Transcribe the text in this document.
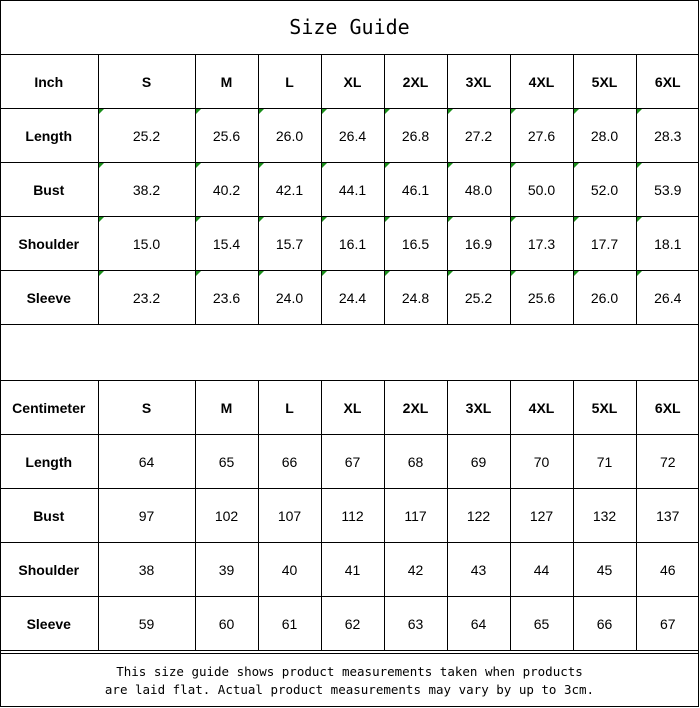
Size Guide
Inch	S	M	L	XL	2XL	3XL	4XL	5XL	6XL
Length	25.2	25.6	26.0	26.4	26.8	27.2	27.6	28.0	28.3

Bust	38.2	40.2	42.1	44.1	46.1	48.0	50.0	52.0	53.9

Shoulder	15.0	15.4	15.7	16.1	16.5	16.9	17.3	17.7	18.1

Sleeve	23.2	23.6	24.0	24.4	24.8	25.2	25.6	26.0	26.4
Centimeter	S	M	L	XL	2XL	3XL	4XL	5XL	6XL
Length	64	65	66	67	68	69	70	71	72
Bust	97	102	107	112	117	122	127	132	137
Shoulder	38	39	40	41	42	43	44	45	46
Sleeve	59	60	61	62	63	64	65	66	67
This size guide shows product measurements taken when products
are laid flat. Actual product measurements may vary by up to 3cm.
